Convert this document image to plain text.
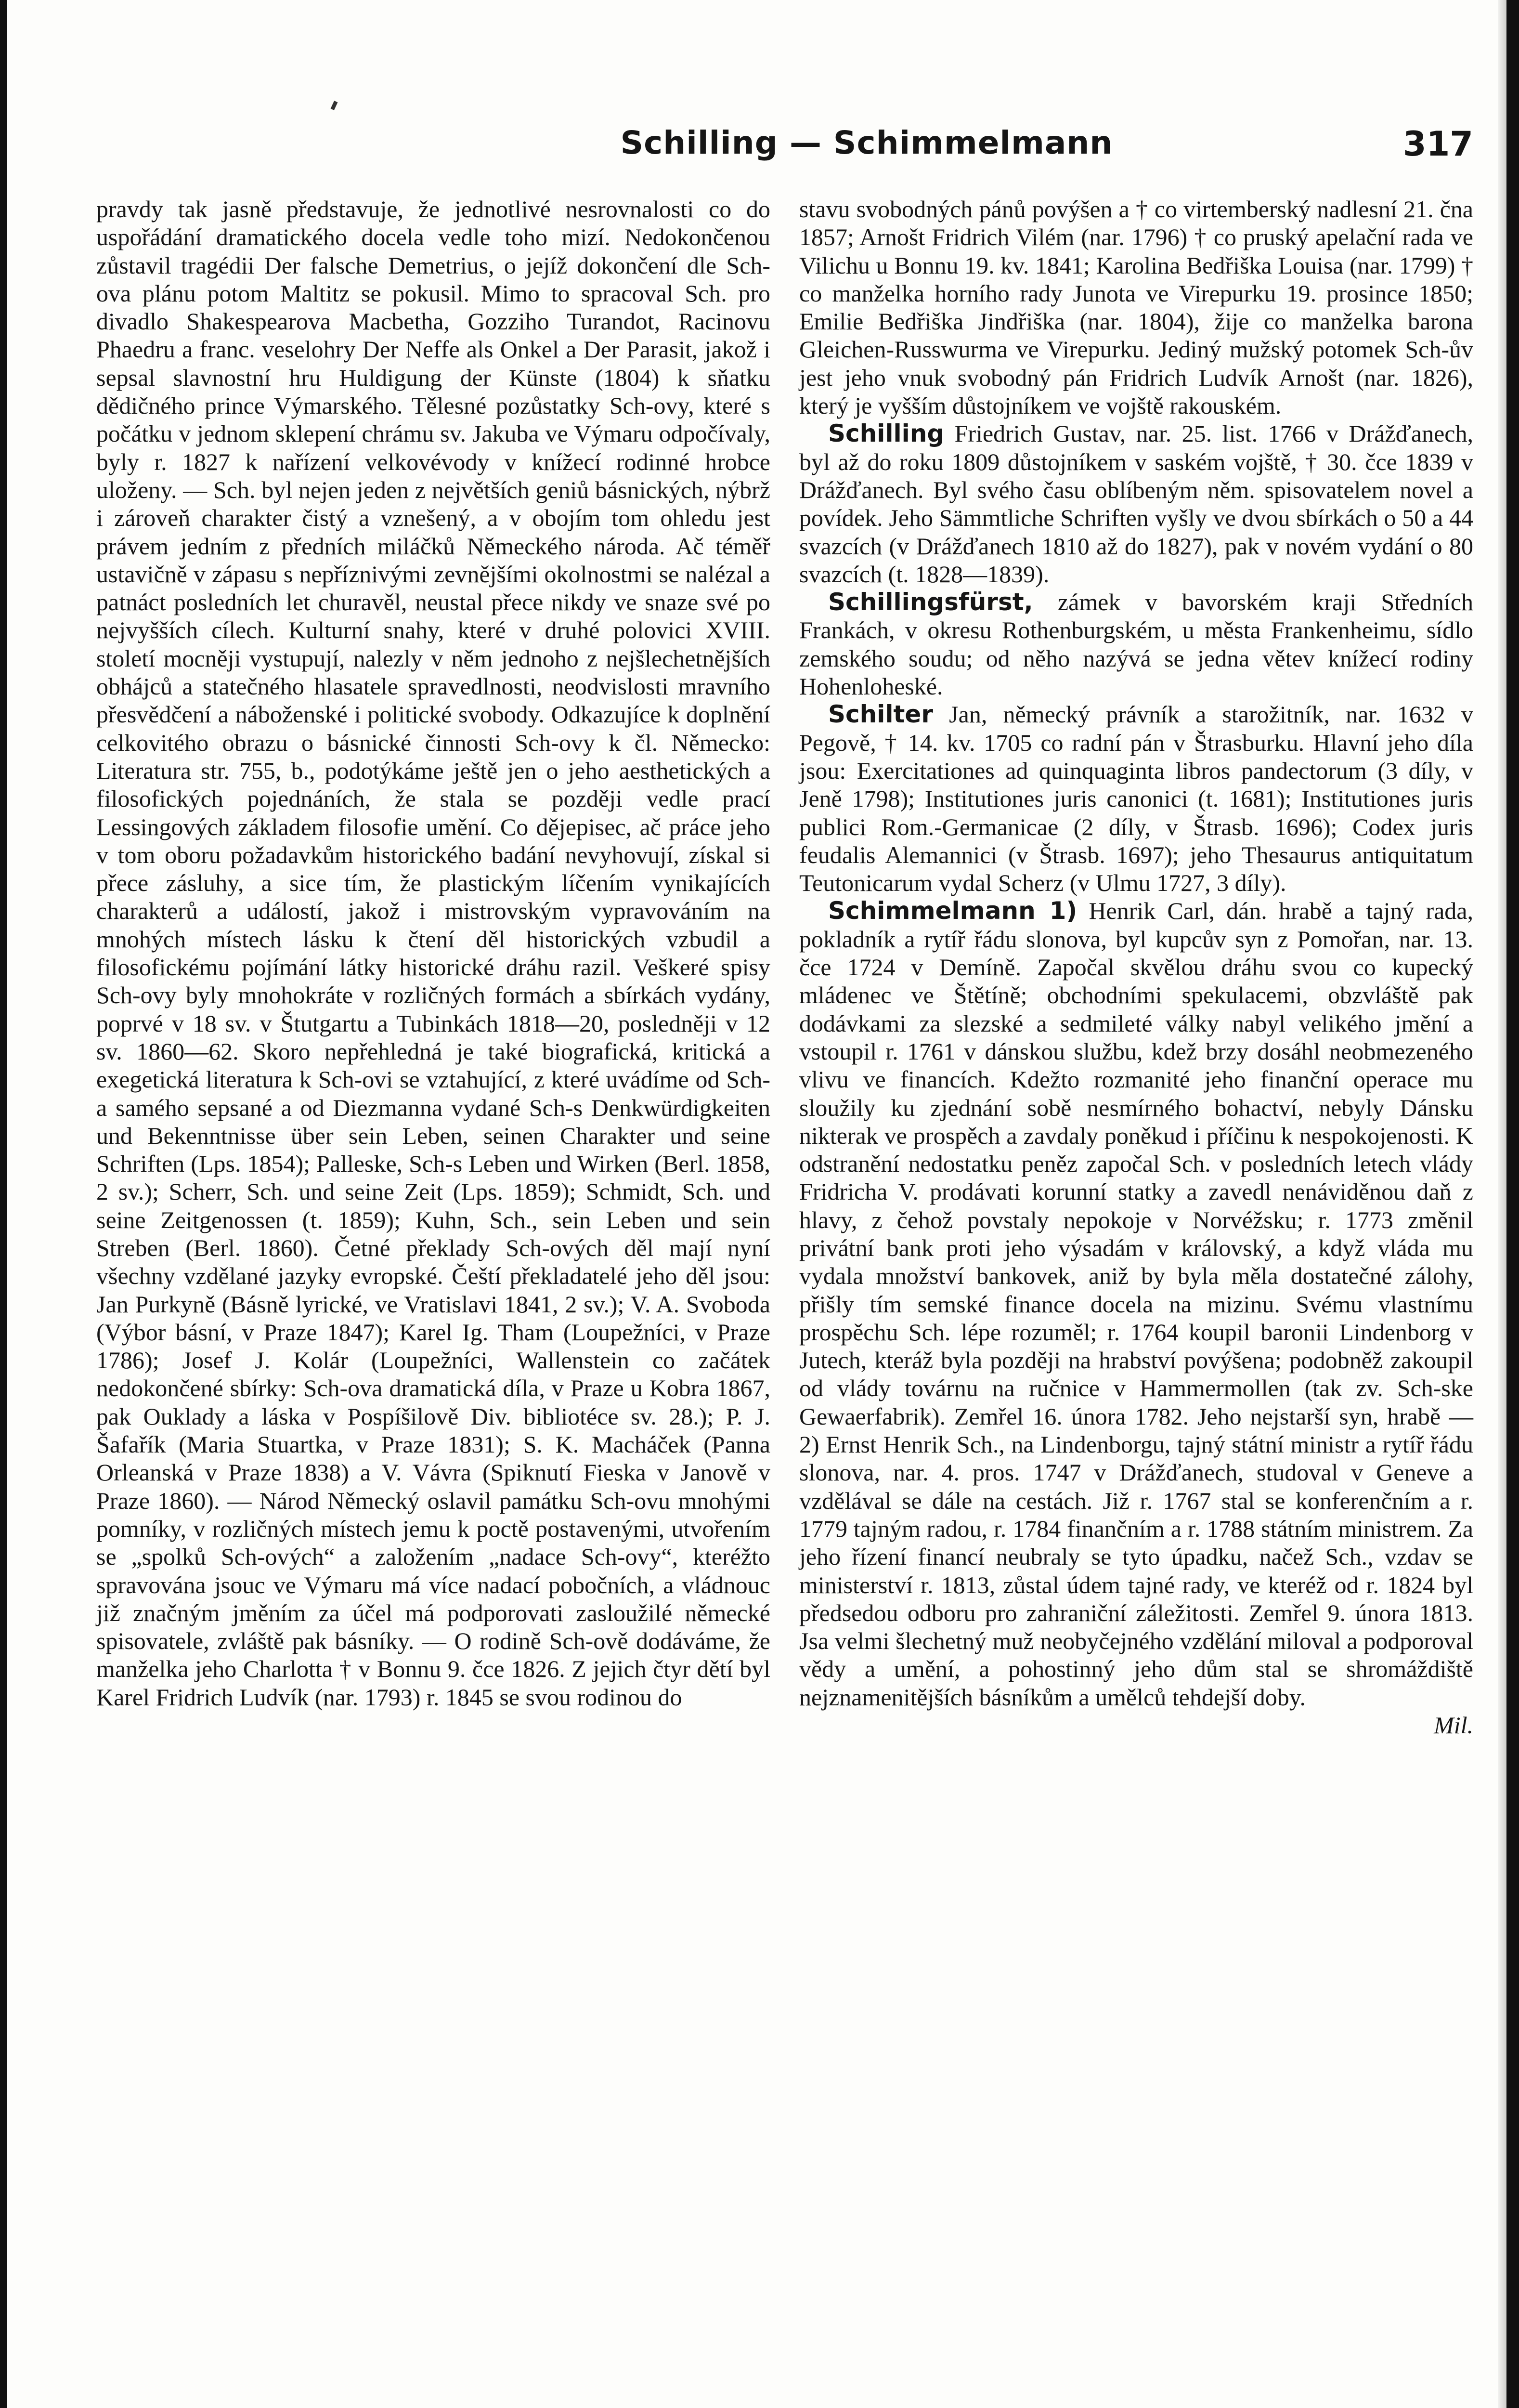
Schilling — Schimmelmann	317

pravdy tak jasně představuje, že jednotlivé nesrovnalosti co do uspořádání dramatického docela vedle toho mizí. Nedokončenou zůstavil tragédii Der falsche Demetrius, o jejíž dokončení dle Sch-ova plánu potom Maltitz se pokusil. Mimo to spracoval Sch. pro divadlo Shakespearova Macbetha, Gozziho Turandot, Racinovu Phaedru a franc. veselohry Der Neffe als Onkel a Der Parasit, jakož i sepsal slavnostní hru Huldigung der Künste (1804) k sňatku dědičného prince Výmarského. Tělesné pozůstatky Sch-ovy, které s počátku v jednom sklepení chrámu sv. Jakuba ve Výmaru odpočívaly, byly r. 1827 k nařízení velkovévody v knížecí rodinné hrobce uloženy. — Sch. byl nejen jeden z největších geniů básnických, nýbrž i zároveň charakter čistý a vznešený, a v obojím tom ohledu jest právem jedním z předních miláčků Německého národa. Ač téměř ustavičně v zápasu s nepříznivými zevnějšími okolnostmi se nalézal a patnáct posledních let churavěl, neustal přece nikdy ve snaze své po nejvyšších cílech. Kulturní snahy, které v druhé polovici XVIII. století mocněji vystupují, nalezly v něm jednoho z nejšlechetnějších obhájců a statečného hlasatele spravedlnosti, neodvislosti mravního přesvědčení a náboženské i politické svobody. Odkazujíce k doplnění celkovitého obrazu o básnické činnosti Sch-ovy k čl. Německo: Literatura str. 755, b., podotýkáme ještě jen o jeho aesthetických a filosofických pojednáních, že stala se později vedle prací Lessingových základem filosofie umění. Co dějepisec, ač práce jeho v tom oboru požadavkům historického badání nevyhovují, získal si přece zásluhy, a sice tím, že plastickým líčením vynikajících charakterů a událostí, jakož i mistrovským vypravováním na mnohých místech lásku k čtení děl historických vzbudil a filosofickému pojímání látky historické dráhu razil. Veškeré spisy Sch-ovy byly mnohokráte v rozličných formách a sbírkách vydány, poprvé v 18 sv. v Štutgartu a Tubinkách 1818—20, posledněji v 12 sv. 1860—62. Skoro nepřehledná je také biografická, kritická a exegetická literatura k Sch-ovi se vztahující, z které uvádíme od Sch-a samého sepsané a od Diezmanna vydané Sch-s Denkwürdigkeiten und Bekenntnisse über sein Leben, seinen Charakter und seine Schriften (Lps. 1854); Palleske, Sch-s Leben und Wirken (Berl. 1858, 2 sv.); Scherr, Sch. und seine Zeit (Lps. 1859); Schmidt, Sch. und seine Zeitgenossen (t. 1859); Kuhn, Sch., sein Leben und sein Streben (Berl. 1860). Četné překlady Sch-ových děl mají nyní všechny vzdělané jazyky evropské. Čeští překladatelé jeho děl jsou: Jan Purkyně (Básně lyrické, ve Vratislavi 1841, 2 sv.); V. A. Svoboda (Výbor básní, v Praze 1847); Karel Ig. Tham (Loupežníci, v Praze 1786); Josef J. Kolár (Loupežníci, Wallenstein co začátek nedokončené sbírky: Sch-ova dramatická díla, v Praze u Kobra 1867, pak Ouklady a láska v Pospíšilově Div. bibliotéce sv. 28.); P. J. Šafařík (Maria Stuartka, v Praze 1831); S. K. Macháček (Panna Orleanská v Praze 1838) a V. Vávra (Spiknutí Fieska v Janově v Praze 1860). — Národ Německý oslavil památku Sch-ovu mnohými pomníky, v rozličných místech jemu k poctě postavenými, utvořením se „spolků Sch-ových“ a založením „nadace Sch-ovy“, kteréžto spravována jsouc ve Výmaru má více nadací pobočních, a vládnouc již značným jměním za účel má podporovati zasloužilé německé spisovatele, zvláště pak básníky. — O rodině Sch-ově dodáváme, že manželka jeho Charlotta † v Bonnu 9. čce 1826. Z jejich čtyr dětí byl Karel Fridrich Ludvík (nar. 1793) r. 1845 se svou rodinou do

stavu svobodných pánů povýšen a † co virtemberský nadlesní 21. čna 1857; Arnošt Fridrich Vilém (nar. 1796) † co pruský apelační rada ve Vilichu u Bonnu 19. kv. 1841; Karolina Bedřiška Louisa (nar. 1799) † co manželka horního rady Junota ve Virepurku 19. prosince 1850; Emilie Bedřiška Jindřiška (nar. 1804), žije co manželka barona Gleichen-Russwurma ve Virepurku. Jediný mužský potomek Sch-ův jest jeho vnuk svobodný pán Fridrich Ludvík Arnošt (nar. 1826), který je vyšším důstojníkem ve vojště rakouském.

Schilling Friedrich Gustav, nar. 25. list. 1766 v Drážďanech, byl až do roku 1809 důstojníkem v saském vojště, † 30. čce 1839 v Drážďanech. Byl svého času oblíbeným něm. spisovatelem novel a povídek. Jeho Sämmtliche Schriften vyšly ve dvou sbírkách o 50 a 44 svazcích (v Drážďanech 1810 až do 1827), pak v novém vydání o 80 svazcích (t. 1828—1839).

Schillingsfürst, zámek v bavorském kraji Středních Frankách, v okresu Rothenburgském, u města Frankenheimu, sídlo zemského soudu; od něho nazývá se jedna větev knížecí rodiny Hohenloheské.

Schilter Jan, německý právník a starožitník, nar. 1632 v Pegově, † 14. kv. 1705 co radní pán v Štrasburku. Hlavní jeho díla jsou: Exercitationes ad quinquaginta libros pandectorum (3 díly, v Jeně 1798); Institutiones juris canonici (t. 1681); Institutiones juris publici Rom.-Germanicae (2 díly, v Štrasb. 1696); Codex juris feudalis Alemannici (v Štrasb. 1697); jeho Thesaurus antiquitatum Teutonicarum vydal Scherz (v Ulmu 1727, 3 díly).

Schimmelmann 1) Henrik Carl, dán. hrabě a tajný rada, pokladník a rytíř řádu slonova, byl kupcův syn z Pomořan, nar. 13. čce 1724 v Demíně. Započal skvělou dráhu svou co kupecký mládenec ve Štětíně; obchodními spekulacemi, obzvláště pak dodávkami za slezské a sedmileté války nabyl velikého jmění a vstoupil r. 1761 v dánskou službu, kdež brzy dosáhl neobmezeného vlivu ve financích. Kdežto rozmanité jeho finanční operace mu sloužily ku zjednání sobě nesmírného bohactví, nebyly Dánsku nikterak ve prospěch a zavdaly poněkud i příčinu k nespokojenosti. K odstranění nedostatku peněz započal Sch. v posledních letech vlády Fridricha V. prodávati korunní statky a zavedl nenáviděnou daň z hlavy, z čehož povstaly nepokoje v Norvéžsku; r. 1773 změnil privátní bank proti jeho výsadám v královský, a když vláda mu vydala množství bankovek, aniž by byla měla dostatečné zálohy, přišly tím semské finance docela na mizinu. Svému vlastnímu prospěchu Sch. lépe rozuměl; r. 1764 koupil baronii Lindenborg v Jutech, kteráž byla později na hrabství povýšena; podobněž zakoupil od vlády továrnu na ručnice v Hammermollen (tak zv. Sch-ske Gewaerfabrik). Zemřel 16. února 1782. Jeho nejstarší syn, hrabě — 2) Ernst Henrik Sch., na Lindenborgu, tajný státní ministr a rytíř řádu slonova, nar. 4. pros. 1747 v Drážďanech, studoval v Geneve a vzdělával se dále na cestách. Již r. 1767 stal se konferenčním a r. 1779 tajným radou, r. 1784 finančním a r. 1788 státním ministrem. Za jeho řízení financí neubraly se tyto úpadku, načež Sch., vzdav se ministerství r. 1813, zůstal údem tajné rady, ve kteréž od r. 1824 byl předsedou odboru pro zahraniční záležitosti. Zemřel 9. února 1813. Jsa velmi šlechetný muž neobyčejného vzdělání miloval a podporoval vědy a umění, a pohostinný jeho dům stal se shromáždiště nejznamenitějších básníkům a umělců tehdejší doby.

Mil.
